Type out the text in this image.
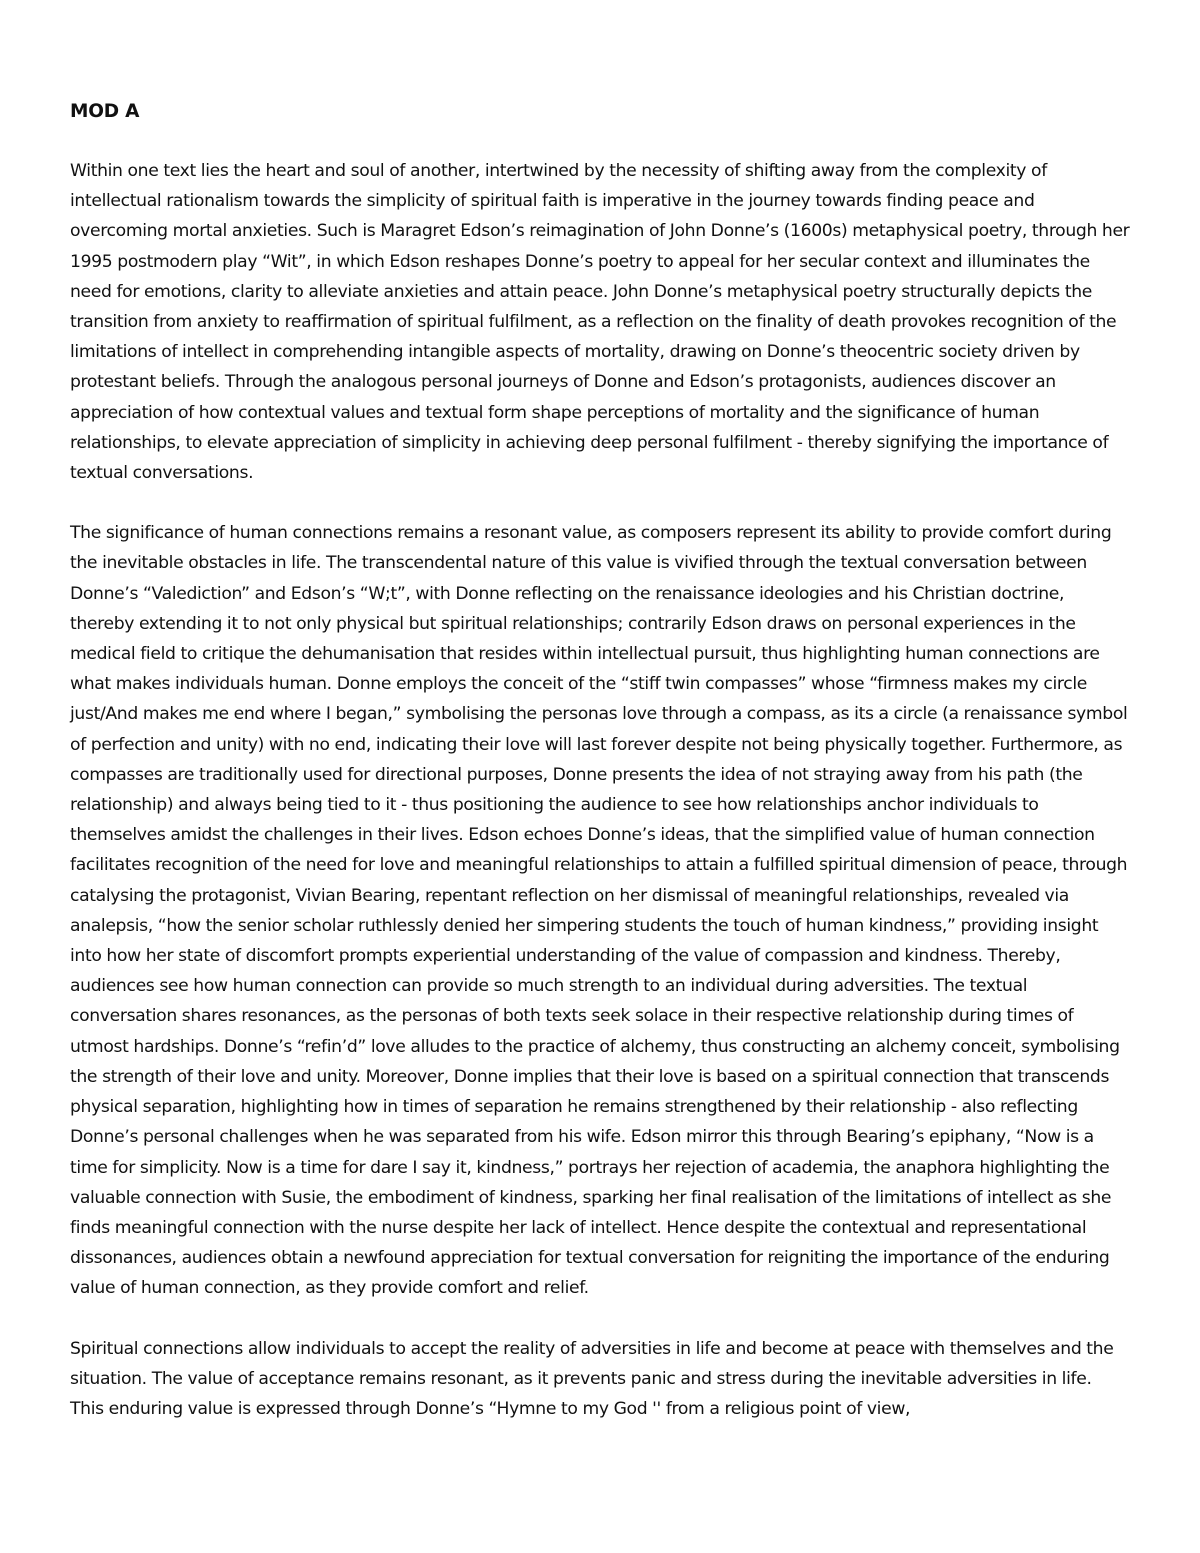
MOD A

Within one text lies the heart and soul of another, intertwined by the necessity of shifting away from the complexity of intellectual rationalism towards the simplicity of spiritual faith is imperative in the journey towards finding peace and overcoming mortal anxieties. Such is Maragret Edson’s reimagination of John Donne’s (1600s) metaphysical poetry, through her 1995 postmodern play “Wit”, in which Edson reshapes Donne’s poetry to appeal for her secular context and illuminates the need for emotions, clarity to alleviate anxieties and attain peace. John Donne’s metaphysical poetry structurally depicts the transition from anxiety to reaffirmation of spiritual fulfilment, as a reflection on the finality of death provokes recognition of the limitations of intellect in comprehending intangible aspects of mortality, drawing on Donne’s theocentric society driven by protestant beliefs. Through the analogous personal journeys of Donne and Edson’s protagonists, audiences discover an appreciation of how contextual values and textual form shape perceptions of mortality and the significance of human relationships, to elevate appreciation of simplicity in achieving deep personal fulfilment - thereby signifying the importance of textual conversations.

The significance of human connections remains a resonant value, as composers represent its ability to provide comfort during the inevitable obstacles in life. The transcendental nature of this value is vivified through the textual conversation between Donne’s “Valediction” and Edson’s “W;t”, with Donne reflecting on the renaissance ideologies and his Christian doctrine, thereby extending it to not only physical but spiritual relationships; contrarily Edson draws on personal experiences in the medical field to critique the dehumanisation that resides within intellectual pursuit, thus highlighting human connections are what makes individuals human. Donne employs the conceit of the “stiff twin compasses” whose “firmness makes my circle just/And makes me end where I began,” symbolising the personas love through a compass, as its a circle (a renaissance symbol of perfection and unity) with no end, indicating their love will last forever despite not being physically together. Furthermore, as compasses are traditionally used for directional purposes, Donne presents the idea of not straying away from his path (the relationship) and always being tied to it - thus positioning the audience to see how relationships anchor individuals to themselves amidst the challenges in their lives. Edson echoes Donne’s ideas, that the simplified value of human connection facilitates recognition of the need for love and meaningful relationships to attain a fulfilled spiritual dimension of peace, through catalysing the protagonist, Vivian Bearing, repentant reflection on her dismissal of meaningful relationships, revealed via analepsis, “how the senior scholar ruthlessly denied her simpering students the touch of human kindness,” providing insight into how her state of discomfort prompts experiential understanding of the value of compassion and kindness. Thereby, audiences see how human connection can provide so much strength to an individual during adversities. The textual conversation shares resonances, as the personas of both texts seek solace in their respective relationship during times of utmost hardships. Donne’s “refin’d” love alludes to the practice of alchemy, thus constructing an alchemy conceit, symbolising the strength of their love and unity. Moreover, Donne implies that their love is based on a spiritual connection that transcends physical separation, highlighting how in times of separation he remains strengthened by their relationship - also reflecting Donne’s personal challenges when he was separated from his wife. Edson mirror this through Bearing’s epiphany, “Now is a time for simplicity. Now is a time for dare I say it, kindness,” portrays her rejection of academia, the anaphora highlighting the valuable connection with Susie, the embodiment of kindness, sparking her final realisation of the limitations of intellect as she finds meaningful connection with the nurse despite her lack of intellect. Hence despite the contextual and representational dissonances, audiences obtain a newfound appreciation for textual conversation for reigniting the importance of the enduring value of human connection, as they provide comfort and relief.

Spiritual connections allow individuals to accept the reality of adversities in life and become at peace with themselves and the situation. The value of acceptance remains resonant, as it prevents panic and stress during the inevitable adversities in life. This enduring value is expressed through Donne’s “Hymne to my God '' from a religious point of view,
